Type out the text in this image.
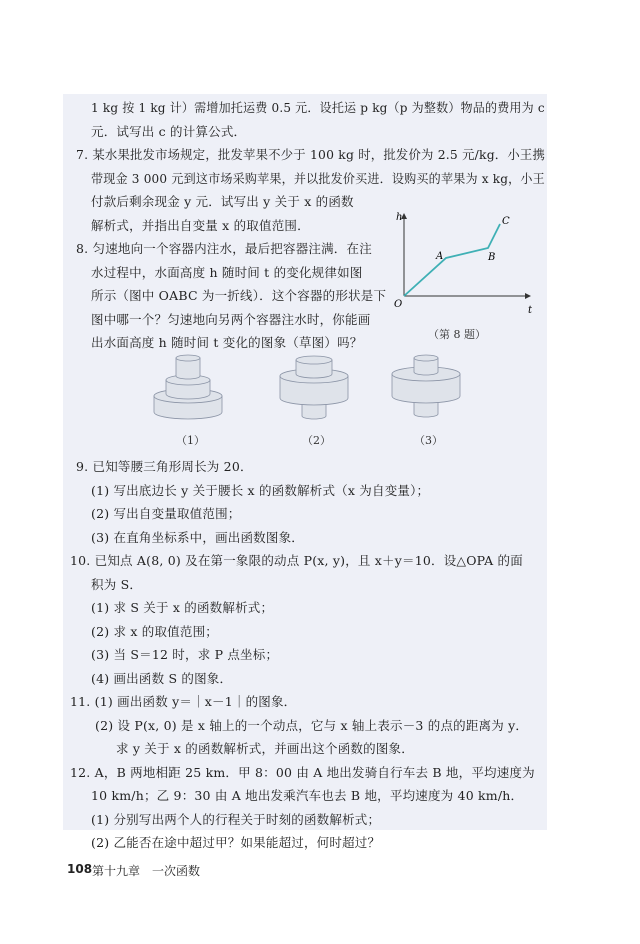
1 kg 按 1 kg 计）需增加托运费 0.5 元．设托运 p kg（p 为整数）物品的费用为 c
元．试写出 c 的计算公式．
7. 某水果批发市场规定，批发苹果不少于 100 kg 时，批发价为 2.5 元/kg．小王携
带现金 3 000 元到这市场采购苹果，并以批发价买进．设购买的苹果为 x kg，小王
付款后剩余现金 y 元．试写出 y 关于 x 的函数
解析式，并指出自变量 x 的取值范围．
8. 匀速地向一个容器内注水，最后把容器注满．在注
水过程中，水面高度 h 随时间 t 的变化规律如图
所示（图中 OABC 为一折线）．这个容器的形状是下
图中哪一个？匀速地向另两个容器注水时，你能画
出水面高度 h 随时间 t 变化的图象（草图）吗？
h
t
O
A	B
C
（第 8 题）
（1）	（2）	（3）
9. 已知等腰三角形周长为 20．
(1) 写出底边长 y 关于腰长 x 的函数解析式（x 为自变量）；
(2) 写出自变量取值范围；
(3) 在直角坐标系中，画出函数图象．
10. 已知点 A(8, 0) 及在第一象限的动点 P(x, y)，且 x＋y＝10．设△OPA 的面
积为 S．
(1) 求 S 关于 x 的函数解析式；
(2) 求 x 的取值范围；
(3) 当 S＝12 时，求 P 点坐标；
(4) 画出函数 S 的图象．
11. (1) 画出函数 y＝｜x－1｜的图象．
(2) 设 P(x, 0) 是 x 轴上的一个动点，它与 x 轴上表示－3 的点的距离为 y．
求 y 关于 x 的函数解析式，并画出这个函数的图象．
12. A，B 两地相距 25 km．甲 8：00 由 A 地出发骑自行车去 B 地，平均速度为
10 km/h；乙 9：30 由 A 地出发乘汽车也去 B 地，平均速度为 40 km/h．
(1) 分别写出两个人的行程关于时刻的函数解析式；
(2) 乙能否在途中超过甲？如果能超过，何时超过？
108 第十九章　一次函数
